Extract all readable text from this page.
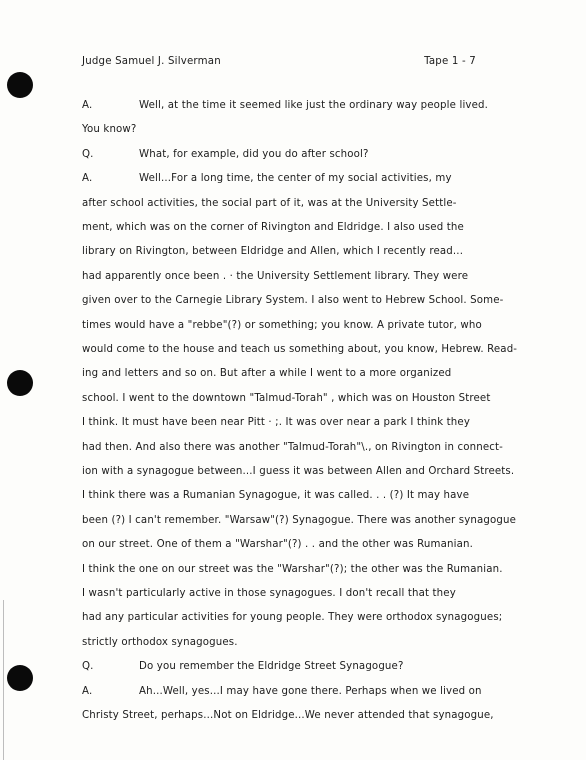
Judge Samuel J. Silverman	Tape 1 - 7
A.	Well, at the time it seemed like just the ordinary way people lived.
You know?
Q.	What, for example, did you do after school?
A.	Well...For a long time, the center of my social activities, my
after school activities, the social part of it, was at the University Settle-
ment, which was on the corner of Rivington and Eldridge. I also used the
library on Rivington, between Eldridge and Allen, which I recently read...
had apparently once been . · the University Settlement library. They were
given over to the Carnegie Library System. I also went to Hebrew School. Some-
times would have a "rebbe"(?) or something; you know. A private tutor, who
would come to the house and teach us something about, you know, Hebrew. Read-
ing and letters and so on. But after a while I went to a more organized
school. I went to the downtown "Talmud-Torah" , which was on Houston Street
I think. It must have been near Pitt · ;. It was over near a park I think they
had then. And also there was another "Talmud-Torah"\., on Rivington in connect-
ion with a synagogue between...I guess it was between Allen and Orchard Streets.
I think there was a Rumanian Synagogue, it was called. . . (?) It may have
been (?) I can't remember. "Warsaw"(?) Synagogue. There was another synagogue
on our street. One of them a "Warshar"(?) . . and the other was Rumanian.
I think the one on our street was the "Warshar"(?); the other was the Rumanian.
I wasn't particularly active in those synagogues. I don't recall that they
had any particular activities for young people. They were orthodox synagogues;
strictly orthodox synagogues.
Q.	Do you remember the Eldridge Street Synagogue?
A.	Ah...Well, yes...I may have gone there. Perhaps when we lived on
Christy Street, perhaps...Not on Eldridge...We never attended that synagogue,
